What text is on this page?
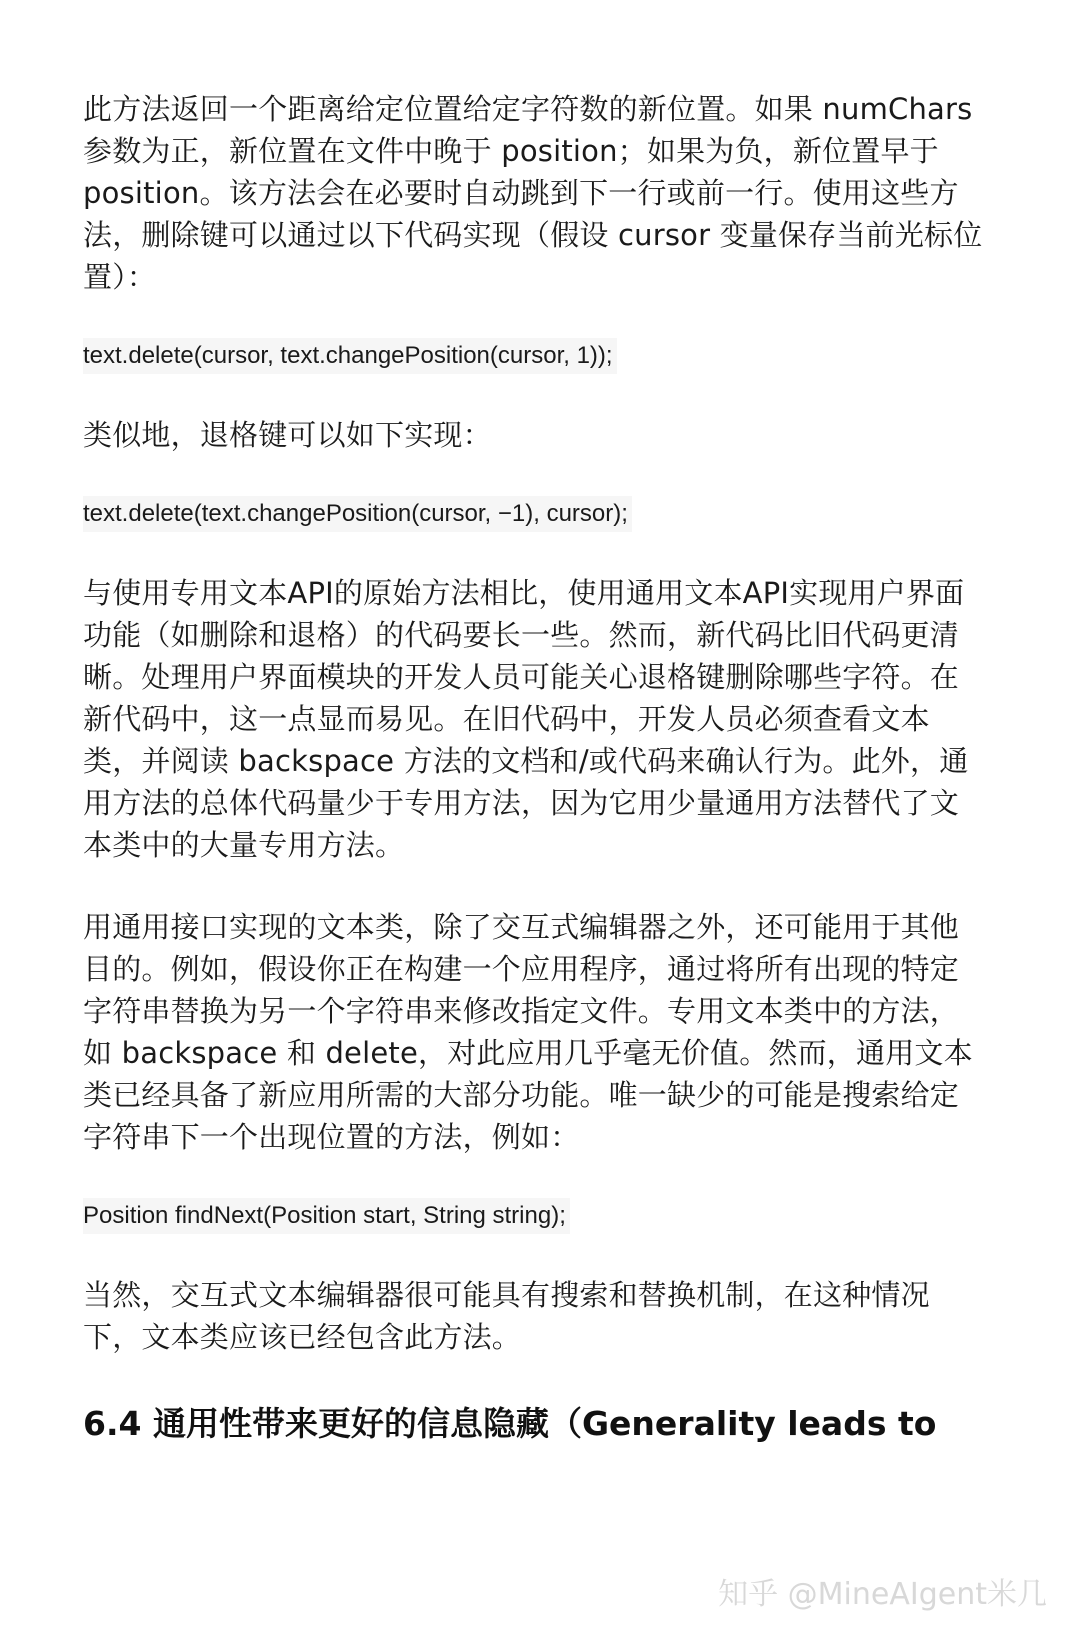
此方法返回一个距离给定位置给定字符数的新位置。如果 numChars 参数为正，新位置在文件中晚于 position；如果为负，新位置早于 position。该方法会在必要时自动跳到下一行或前一行。使用这些方法，删除键可以通过以下代码实现（假设 cursor 变量保存当前光标位置）：

text.delete(cursor, text.changePosition(cursor, 1));

类似地，退格键可以如下实现：

text.delete(text.changePosition(cursor, −1), cursor);

与使用专用文本API的原始方法相比，使用通用文本API实现用户界面功能（如删除和退格）的代码要长一些。然而，新代码比旧代码更清晰。处理用户界面模块的开发人员可能关心退格键删除哪些字符。在新代码中，这一点显而易见。在旧代码中，开发人员必须查看文本类，并阅读 backspace 方法的文档和/或代码来确认行为。此外，通用方法的总体代码量少于专用方法，因为它用少量通用方法替代了文本类中的大量专用方法。

用通用接口实现的文本类，除了交互式编辑器之外，还可能用于其他目的。例如，假设你正在构建一个应用程序，通过将所有出现的特定字符串替换为另一个字符串来修改指定文件。专用文本类中的方法，如 backspace 和 delete，对此应用几乎毫无价值。然而，通用文本类已经具备了新应用所需的大部分功能。唯一缺少的可能是搜索给定字符串下一个出现位置的方法，例如：

Position findNext(Position start, String string);

当然，交互式文本编辑器很可能具有搜索和替换机制，在这种情况下，文本类应该已经包含此方法。

6.4 通用性带来更好的信息隐藏（Generality leads to
知乎 @MineAIgent米几
